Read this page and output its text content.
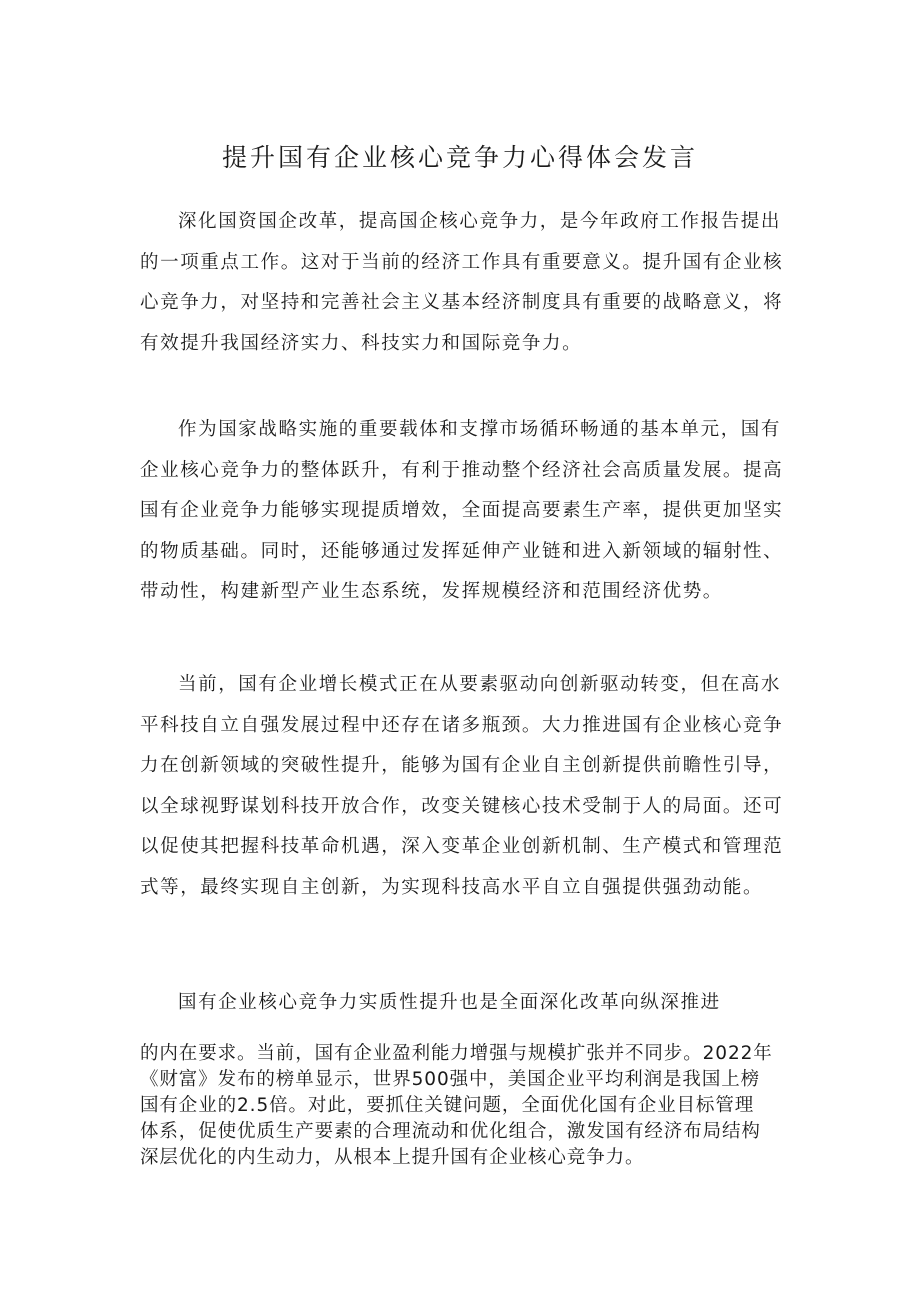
提升国有企业核心竞争力心得体会发言

深化国资国企改革，提高国企核心竞争力，是今年政府工作报告提出
的一项重点工作。这对于当前的经济工作具有重要意义。提升国有企业核
心竞争力，对坚持和完善社会主义基本经济制度具有重要的战略意义，将
有效提升我国经济实力、科技实力和国际竞争力。

作为国家战略实施的重要载体和支撑市场循环畅通的基本单元，国有
企业核心竞争力的整体跃升，有利于推动整个经济社会高质量发展。提高
国有企业竞争力能够实现提质增效，全面提高要素生产率，提供更加坚实
的物质基础。同时，还能够通过发挥延伸产业链和进入新领域的辐射性、
带动性，构建新型产业生态系统，发挥规模经济和范围经济优势。

当前，国有企业增长模式正在从要素驱动向创新驱动转变，但在高水
平科技自立自强发展过程中还存在诸多瓶颈。大力推进国有企业核心竞争
力在创新领域的突破性提升，能够为国有企业自主创新提供前瞻性引导，
以全球视野谋划科技开放合作，改变关键核心技术受制于人的局面。还可
以促使其把握科技革命机遇，深入变革企业创新机制、生产模式和管理范
式等，最终实现自主创新，为实现科技高水平自立自强提供强劲动能。

国有企业核心竞争力实质性提升也是全面深化改革向纵深推进

的内在要求。当前，国有企业盈利能力增强与规模扩张并不同步。2022年
《财富》发布的榜单显示，世界500强中，美国企业平均利润是我国上榜
国有企业的2.5倍。对此，要抓住关键问题，全面优化国有企业目标管理
体系，促使优质生产要素的合理流动和优化组合，激发国有经济布局结构
深层优化的内生动力，从根本上提升国有企业核心竞争力。
